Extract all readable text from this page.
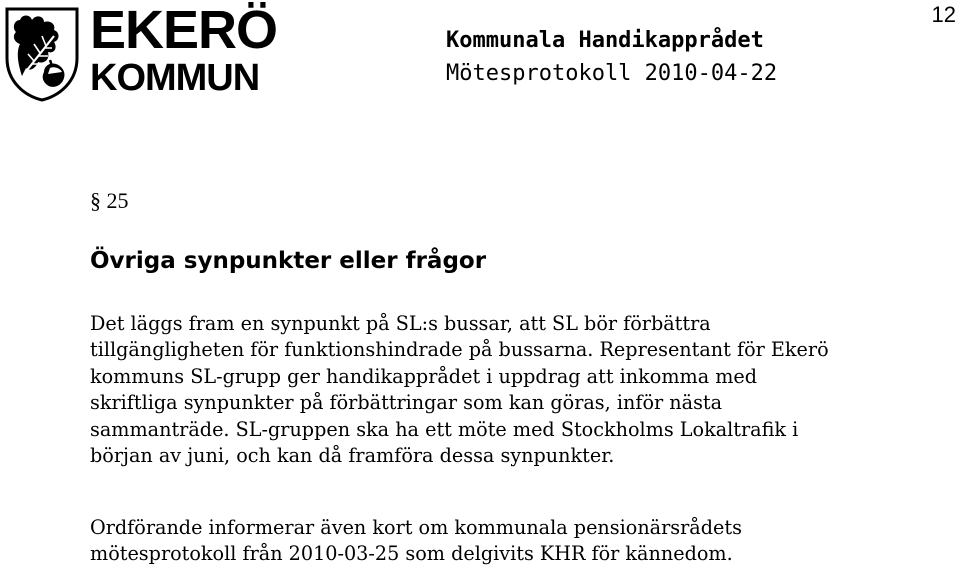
EKERÖ
KOMMUN
12
Kommunala Handikapprådet
Mötesprotokoll 2010-04-22
§ 25
Övriga synpunkter eller frågor

Det läggs fram en synpunkt på SL:s bussar, att SL bör förbättra
tillgängligheten för funktionshindrade på bussarna. Representant för Ekerö
kommuns SL-grupp ger handikapprådet i uppdrag att inkomma med
skriftliga synpunkter på förbättringar som kan göras, inför nästa
sammanträde. SL-gruppen ska ha ett möte med Stockholms Lokaltrafik i
början av juni, och kan då framföra dessa synpunkter.

Ordförande informerar även kort om kommunala pensionärsrådets
mötesprotokoll från 2010-03-25 som delgivits KHR för kännedom.
